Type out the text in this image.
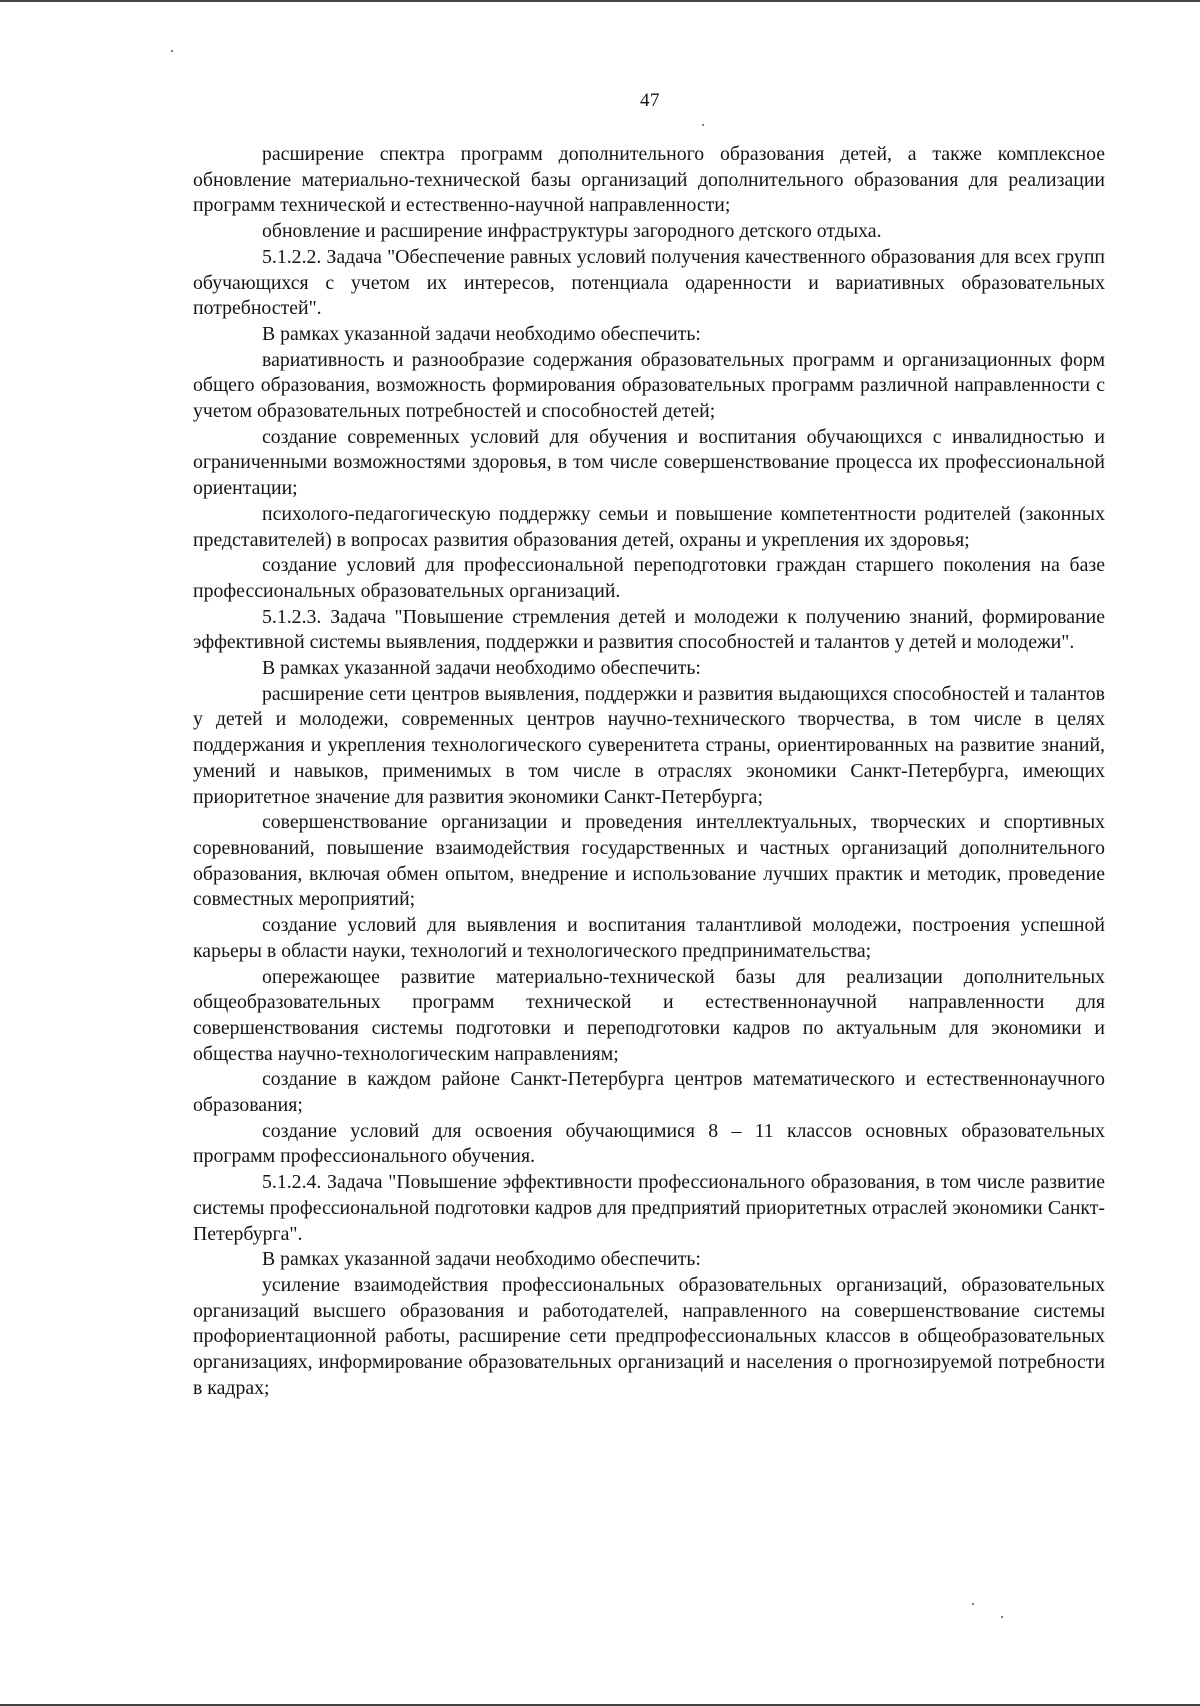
47

расширение спектра программ дополнительного образования детей, а также комплексное обновление материально-технической базы организаций дополнительного образования для реализации программ технической и естественно-научной направленности;

обновление и расширение инфраструктуры загородного детского отдыха.

5.1.2.2. Задача "Обеспечение равных условий получения качественного образования для всех групп обучающихся с учетом их интересов, потенциала одаренности и вариативных образовательных потребностей".

В рамках указанной задачи необходимо обеспечить:

вариативность и разнообразие содержания образовательных программ и организационных форм общего образования, возможность формирования образовательных программ различной направленности с учетом образовательных потребностей и способностей детей;

создание современных условий для обучения и воспитания обучающихся с инвалидностью и ограниченными возможностями здоровья, в том числе совершенствование процесса их профессиональной ориентации;

психолого-педагогическую поддержку семьи и повышение компетентности родителей (законных представителей) в вопросах развития образования детей, охраны и укрепления их здоровья;

создание условий для профессиональной переподготовки граждан старшего поколения на базе профессиональных образовательных организаций.

5.1.2.3. Задача "Повышение стремления детей и молодежи к получению знаний, формирование эффективной системы выявления, поддержки и развития способностей и талантов у детей и молодежи".

В рамках указанной задачи необходимо обеспечить:

расширение сети центров выявления, поддержки и развития выдающихся способностей и талантов у детей и молодежи, современных центров научно-технического творчества, в том числе в целях поддержания и укрепления технологического суверенитета страны, ориентированных на развитие знаний, умений и навыков, применимых в том числе в отраслях экономики Санкт-Петербурга, имеющих приоритетное значение для развития экономики Санкт-Петербурга;

совершенствование организации и проведения интеллектуальных, творческих и спортивных соревнований, повышение взаимодействия государственных и частных организаций дополнительного образования, включая обмен опытом, внедрение и использование лучших практик и методик, проведение совместных мероприятий;

создание условий для выявления и воспитания талантливой молодежи, построения успешной карьеры в области науки, технологий и технологического предпринимательства;

опережающее развитие материально-технической базы для реализации дополнительных общеобразовательных программ технической и естественнонаучной направленности для совершенствования системы подготовки и переподготовки кадров по актуальным для экономики и общества научно-технологическим направлениям;

создание в каждом районе Санкт-Петербурга центров математического и естественнонаучного образования;

создание условий для освоения обучающимися 8 – 11 классов основных образовательных программ профессионального обучения.

5.1.2.4. Задача "Повышение эффективности профессионального образования, в том числе развитие системы профессиональной подготовки кадров для предприятий приоритетных отраслей экономики Санкт-Петербурга".

В рамках указанной задачи необходимо обеспечить:

усиление взаимодействия профессиональных образовательных организаций, образовательных организаций высшего образования и работодателей, направленного на совершенствование системы профориентационной работы, расширение сети предпрофессиональных классов в общеобразовательных организациях, информирование образовательных организаций и населения о прогнозируемой потребности в кадрах;
